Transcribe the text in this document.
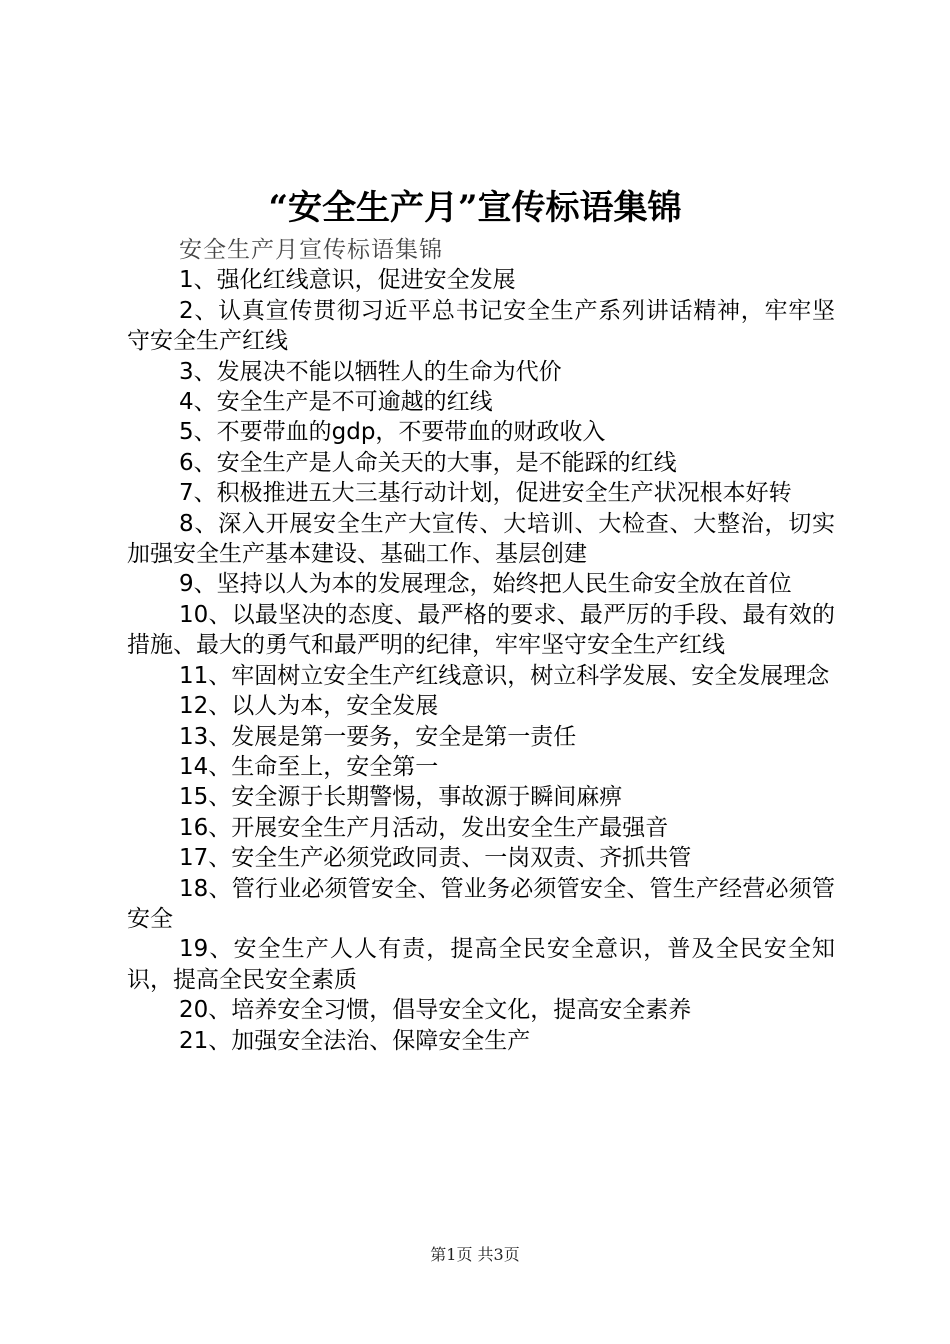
“安全生产月”宣传标语集锦

安全生产月宣传标语集锦

1、强化红线意识，促进安全发展

2、认真宣传贯彻习近平总书记安全生产系列讲话精神，牢牢坚守安全生产红线

3、发展决不能以牺牲人的生命为代价

4、安全生产是不可逾越的红线

5、不要带血的gdp，不要带血的财政收入

6、安全生产是人命关天的大事，是不能踩的红线

7、积极推进五大三基行动计划，促进安全生产状况根本好转

8、深入开展安全生产大宣传、大培训、大检查、大整治，切实加强安全生产基本建设、基础工作、基层创建

9、坚持以人为本的发展理念，始终把人民生命安全放在首位

10、以最坚决的态度、最严格的要求、最严厉的手段、最有效的措施、最大的勇气和最严明的纪律，牢牢坚守安全生产红线

11、牢固树立安全生产红线意识，树立科学发展、安全发展理念

12、以人为本，安全发展

13、发展是第一要务，安全是第一责任

14、生命至上，安全第一

15、安全源于长期警惕，事故源于瞬间麻痹

16、开展安全生产月活动，发出安全生产最强音

17、安全生产必须党政同责、一岗双责、齐抓共管

18、管行业必须管安全、管业务必须管安全、管生产经营必须管安全

19、安全生产人人有责，提高全民安全意识，普及全民安全知识，提高全民安全素质

20、培养安全习惯，倡导安全文化，提高安全素养

21、加强安全法治、保障安全生产

第1页 共3页
